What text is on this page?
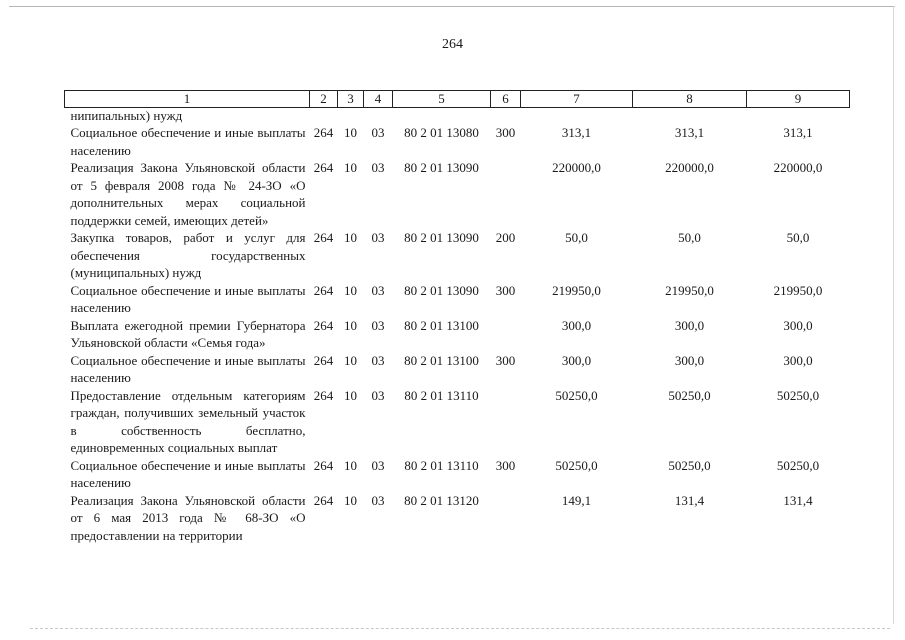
264
1	2	3	4	5	6	7	8	9
нипипальных) нужд								
Социальное обеспечение и иные выплаты населению	264	10	03	80 2 01 13080	300	313,1	313,1	313,1
Реализация Закона Ульяновской области от 5 февраля 2008 года № 24-ЗО «О дополнительных мерах социальной поддержки семей, имеющих детей»	264	10	03	80 2 01 13090		220000,0	220000,0	220000,0
Закупка товаров, работ и услуг для обеспечения государственных (муниципальных) нужд	264	10	03	80 2 01 13090	200	50,0	50,0	50,0
Социальное обеспечение и иные выплаты населению	264	10	03	80 2 01 13090	300	219950,0	219950,0	219950,0
Выплата ежегодной премии Губернатора Ульяновской области «Семья года»	264	10	03	80 2 01 13100		300,0	300,0	300,0
Социальное обеспечение и иные выплаты населению	264	10	03	80 2 01 13100	300	300,0	300,0	300,0
Предоставление отдельным категориям граждан, получивших земельный участок в собственность бесплатно, единовременных социальных выплат	264	10	03	80 2 01 13110		50250,0	50250,0	50250,0
Социальное обеспечение и иные выплаты населению	264	10	03	80 2 01 13110	300	50250,0	50250,0	50250,0
Реализация Закона Ульяновской области от 6 мая 2013 года № 68-ЗО «О предоставлении на территории	264	10	03	80 2 01 13120		149,1	131,4	131,4
